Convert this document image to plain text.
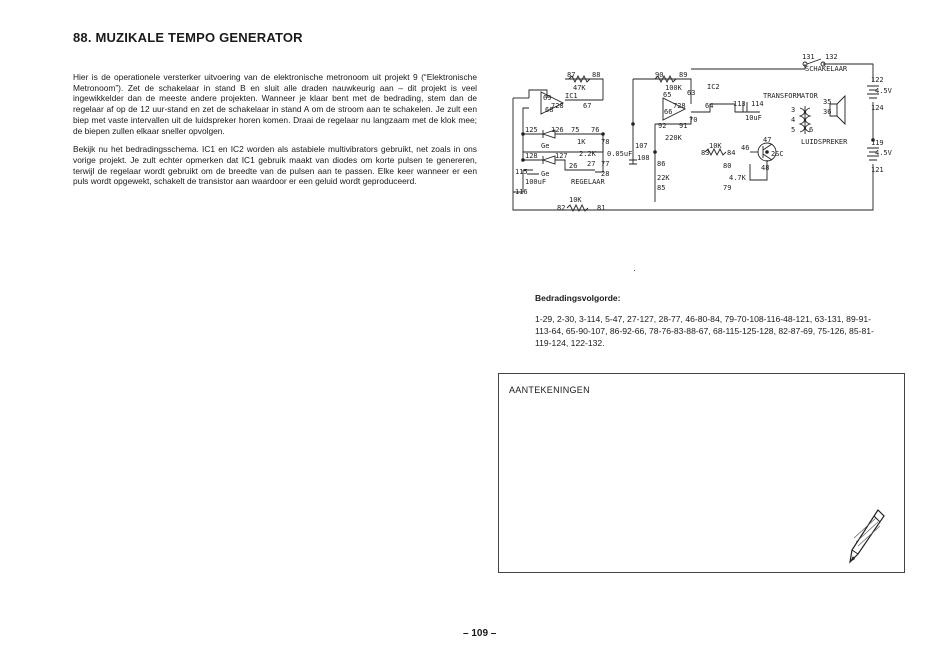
88. MUZIKALE TEMPO GENERATOR

Hier is de operationele versterker uitvoering van de elektronische metronoom uit projekt 9 (“Elektronische Metronoom”). Zet de schakelaar in stand B en sluit alle draden nauwkeurig aan – dit projekt is veel ingewikkelder dan de meeste andere projekten. Wanneer je klaar bent met de bedrading, stem dan de regelaar af op de 12 uur-stand en zet de schakelaar in stand A om de stroom aan te schakelen. Je zult een biep met vaste intervallen uit de luidspreker horen komen. Draai de regelaar nu langzaam met de klok mee; de biepen zullen elkaar sneller opvolgen.

Bekijk nu het bedradingsschema. IC1 en IC2 worden als astabiele multivibrators gebruikt, net zoals in ons vorige projekt. Je zult echter opmerken dat IC1 gebruik maakt van diodes om korte pulsen te genereren, terwijl de regelaar wordt gebruikt om de breedte van de pulsen aan te passen. Elke keer wanneer er een puls wordt opgewekt, schakelt de transistor aan waardoor er een geluid wordt geproduceerd.

131 132
SCHAKELAAR
87 88
47K
IC1
69
68
728	67
90 89
100K	IC2
65 63
728
66
64
70
92 91
220K
113 114
10uF
TRANSFORMATOR
3
4
5 6
35
36
LUIDSPREKER
122
4.5V
124
119
4.5V
121
125 126 75 76
Ge	1K 78
128 127
26 27 77
28
115 Ge
100uF
116
REGELAAR
2.2K 0.05uF
107
108
86
22K
85
83
10K
84
80
4.7K
79
46
47
48
2SC
10K
82	81
Bedradingsvolgorde:
1-29, 2-30, 3-114, 5-47, 27-127, 28-77, 46-80-84, 79-70-108-116-48-121, 63-131, 89-91-113-64, 65-90-107, 86-92-66, 78-76-83-88-67, 68-115-125-128, 82-87-69, 75-126, 85-81-119-124, 122-132.
AANTEKENINGEN
– 109 –
